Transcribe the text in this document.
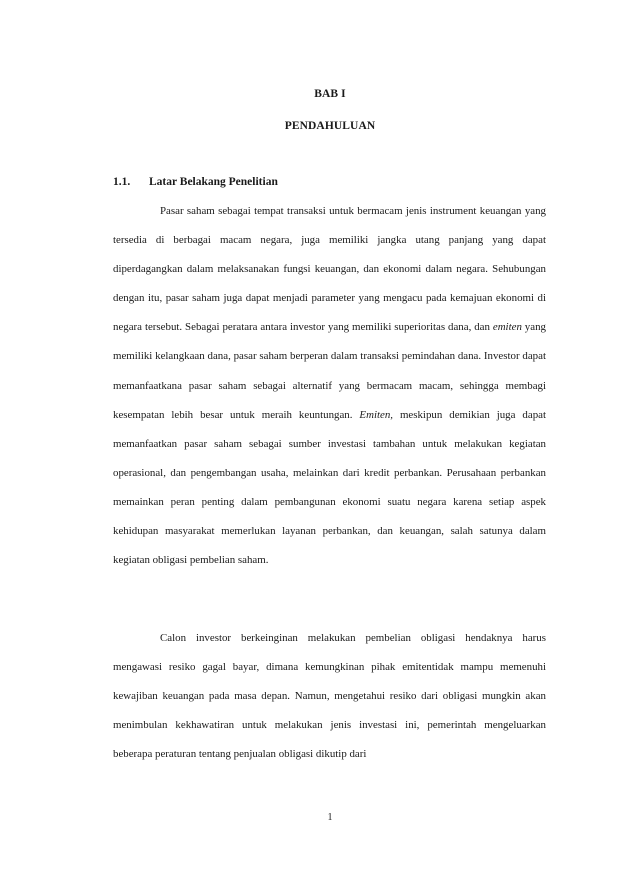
BAB I
PENDAHULUAN
1.1. Latar Belakang Penelitian

Pasar saham sebagai tempat transaksi untuk bermacam jenis instrument keuangan yang tersedia di berbagai macam negara, juga memiliki jangka utang panjang yang dapat diperdagangkan dalam melaksanakan fungsi keuangan, dan ekonomi dalam negara. Sehubungan dengan itu, pasar saham juga dapat menjadi parameter yang mengacu pada kemajuan ekonomi di negara tersebut. Sebagai peratara antara investor yang memiliki superioritas dana, dan emiten yang memiliki kelangkaan dana, pasar saham berperan dalam transaksi pemindahan dana. Investor dapat memanfaatkana pasar saham sebagai alternatif yang bermacam macam, sehingga membagi kesempatan lebih besar untuk meraih keuntungan. Emiten, meskipun demikian juga dapat memanfaatkan pasar saham sebagai sumber investasi tambahan untuk melakukan kegiatan operasional, dan pengembangan usaha, melainkan dari kredit perbankan. Perusahaan perbankan memainkan peran penting dalam pembangunan ekonomi suatu negara karena setiap aspek kehidupan masyarakat memerlukan layanan perbankan, dan keuangan, salah satunya dalam kegiatan obligasi pembelian saham.

Calon investor berkeinginan melakukan pembelian obligasi hendaknya harus mengawasi resiko gagal bayar, dimana kemungkinan pihak emitentidak mampu memenuhi kewajiban keuangan pada masa depan. Namun, mengetahui resiko dari obligasi mungkin akan menimbulan kekhawatiran untuk melakukan jenis investasi ini, pemerintah mengeluarkan beberapa peraturan tentang penjualan obligasi dikutip dari

1
